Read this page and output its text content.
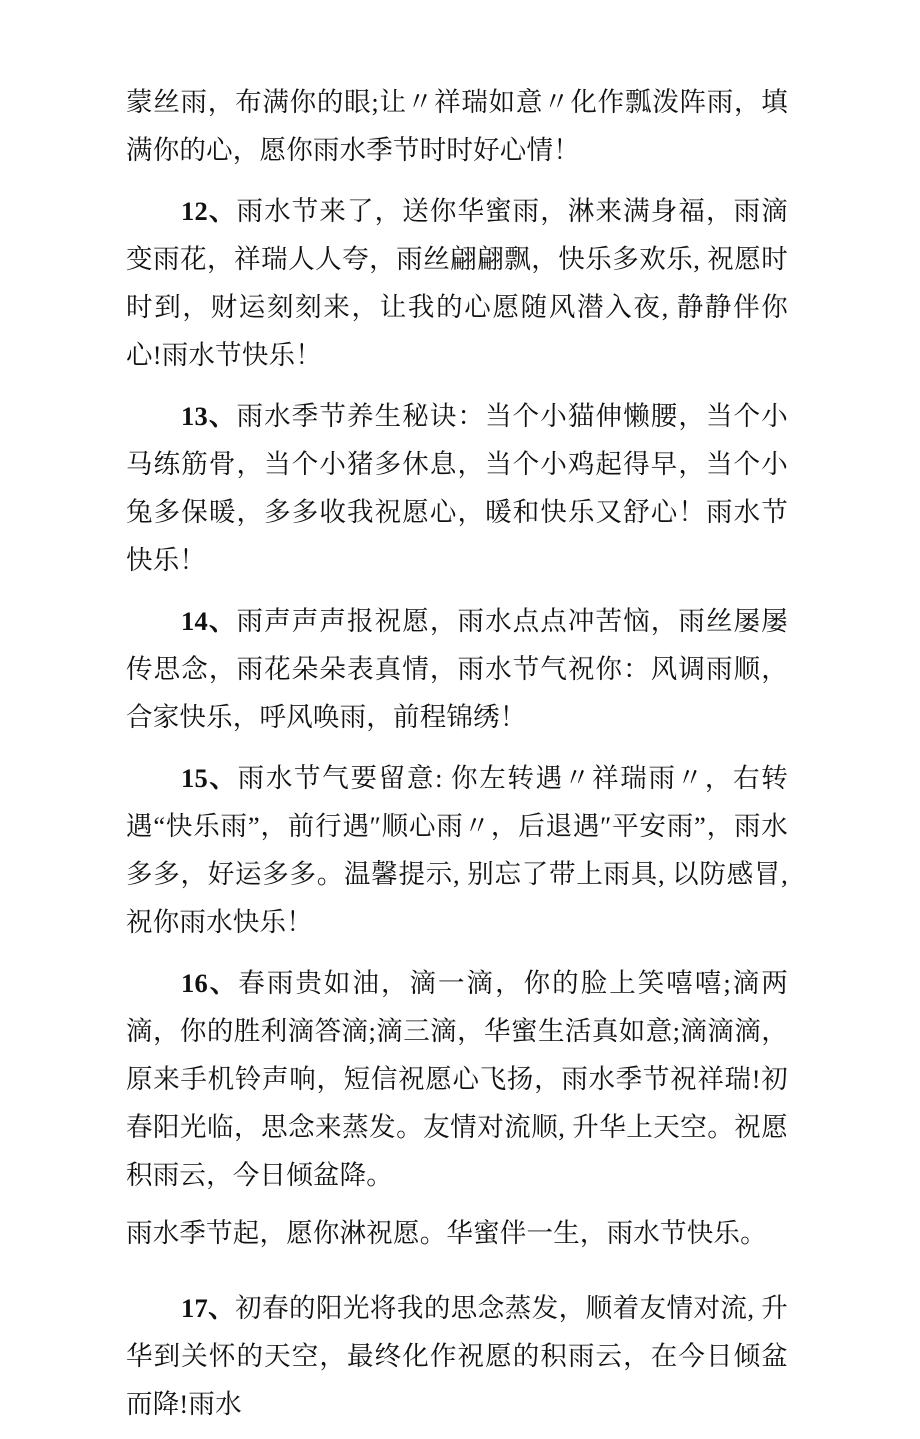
蒙丝雨，布满你的眼;让〃祥瑞如意〃化作瓢泼阵雨，填满你的心，愿你雨水季节时时好心情！

12、雨水节来了，送你华蜜雨，淋来满身福，雨滴变雨花，祥瑞人人夸，雨丝翩翩飘，快乐多欢乐, 祝愿时时到，财运刻刻来，让我的心愿随风潜入夜, 静静伴你心!雨水节快乐！

13、雨水季节养生秘诀：当个小猫伸懒腰，当个小马练筋骨，当个小猪多休息，当个小鸡起得早，当个小兔多保暖，多多收我祝愿心，暖和快乐又舒心！雨水节快乐！

14、雨声声声报祝愿，雨水点点冲苦恼，雨丝屡屡传思念，雨花朵朵表真情，雨水节气祝你：风调雨顺，合家快乐，呼风唤雨，前程锦绣！

15、雨水节气要留意: 你左转遇〃祥瑞雨〃，右转遇“快乐雨”，前行遇″顺心雨〃，后退遇″平安雨”，雨水多多，好运多多。温馨提示, 别忘了带上雨具, 以防感冒, 祝你雨水快乐！

16、春雨贵如油，滴一滴，你的脸上笑嘻嘻;滴两滴，你的胜利滴答滴;滴三滴，华蜜生活真如意;滴滴滴，原来手机铃声响，短信祝愿心飞扬，雨水季节祝祥瑞!初春阳光临，思念来蒸发。友情对流顺, 升华上天空。祝愿积雨云，今日倾盆降。

雨水季节起，愿你淋祝愿。华蜜伴一生，雨水节快乐。

17、初春的阳光将我的思念蒸发，顺着友情对流, 升华到关怀的天空，最终化作祝愿的积雨云，在今日倾盆而降!雨水
